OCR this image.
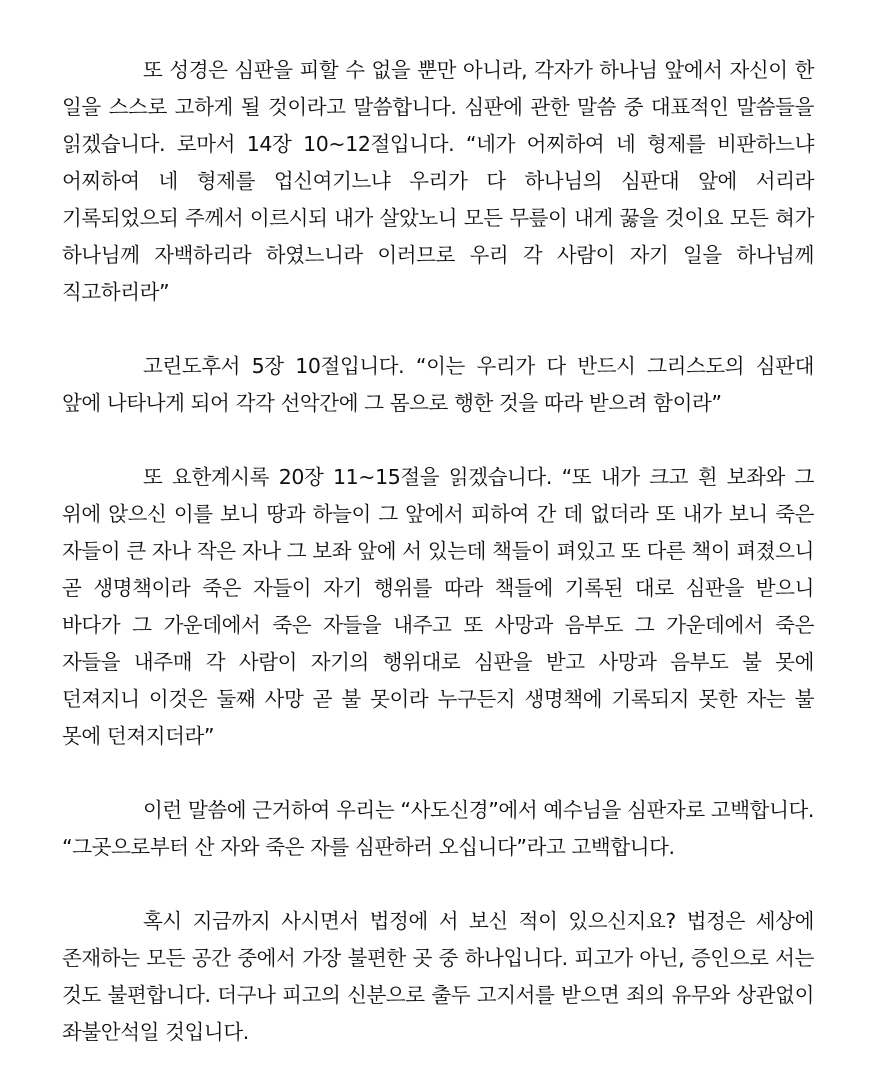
또 성경은 심판을 피할 수 없을 뿐만 아니라, 각자가 하나님 앞에서 자신이 한 일을 스스로 고하게 될 것이라고 말씀합니다. 심판에 관한 말씀 중 대표적인 말씀들을 읽겠습니다. 로마서 14장 10~12절입니다. “네가 어찌하여 네 형제를 비판하느냐 어찌하여 네 형제를 업신여기느냐 우리가 다 하나님의 심판대 앞에 서리라 기록되었으되 주께서 이르시되 내가 살았노니 모든 무릎이 내게 꿇을 것이요 모든 혀가 하나님께 자백하리라 하였느니라 이러므로 우리 각 사람이 자기 일을 하나님께 직고하리라”

고린도후서 5장 10절입니다. “이는 우리가 다 반드시 그리스도의 심판대 앞에 나타나게 되어 각각 선악간에 그 몸으로 행한 것을 따라 받으려 함이라”

또 요한계시록 20장 11~15절을 읽겠습니다. “또 내가 크고 흰 보좌와 그 위에 앉으신 이를 보니 땅과 하늘이 그 앞에서 피하여 간 데 없더라 또 내가 보니 죽은 자들이 큰 자나 작은 자나 그 보좌 앞에 서 있는데 책들이 펴있고 또 다른 책이 펴졌으니 곧 생명책이라 죽은 자들이 자기 행위를 따라 책들에 기록된 대로 심판을 받으니 바다가 그 가운데에서 죽은 자들을 내주고 또 사망과 음부도 그 가운데에서 죽은 자들을 내주매 각 사람이 자기의 행위대로 심판을 받고 사망과 음부도 불 못에 던져지니 이것은 둘째 사망 곧 불 못이라 누구든지 생명책에 기록되지 못한 자는 불 못에 던져지더라”

이런 말씀에 근거하여 우리는 “사도신경”에서 예수님을 심판자로 고백합니다. “그곳으로부터 산 자와 죽은 자를 심판하러 오십니다”라고 고백합니다.

혹시 지금까지 사시면서 법정에 서 보신 적이 있으신지요? 법정은 세상에 존재하는 모든 공간 중에서 가장 불편한 곳 중 하나입니다. 피고가 아닌, 증인으로 서는 것도 불편합니다. 더구나 피고의 신분으로 출두 고지서를 받으면 죄의 유무와 상관없이 좌불안석일 것입니다.
